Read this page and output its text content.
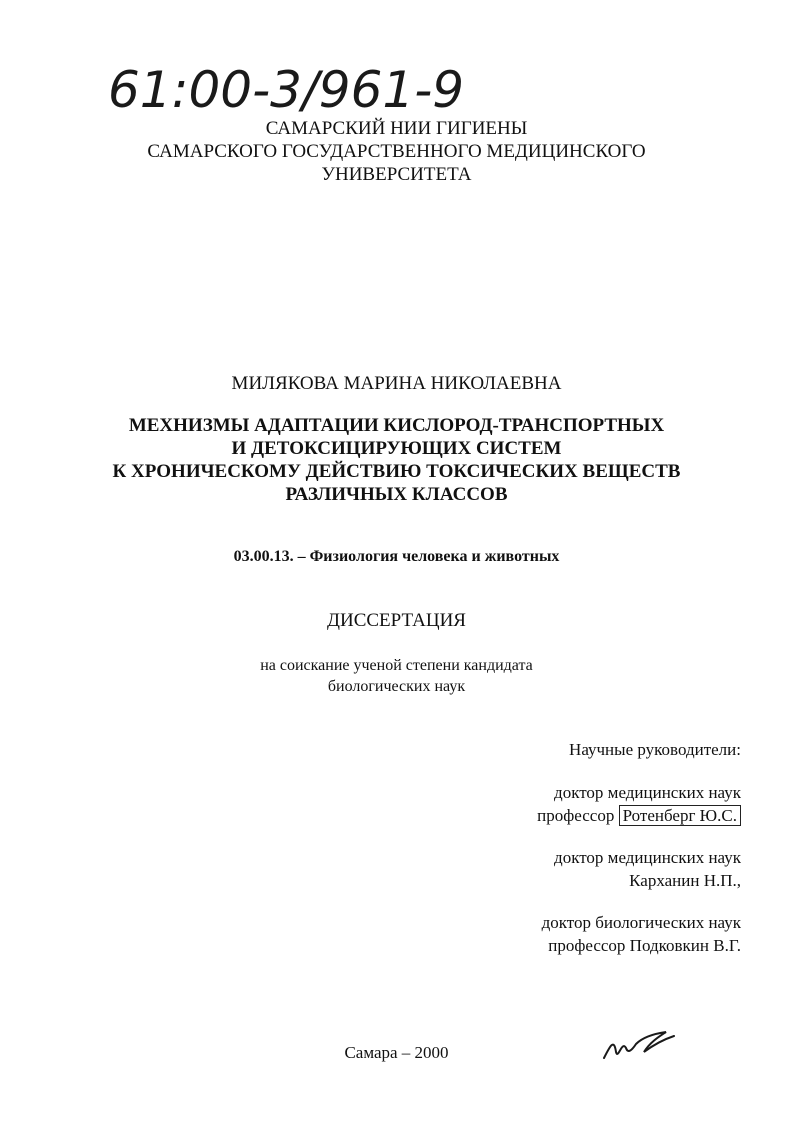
61:00-3/961-9
САМАРСКИЙ НИИ ГИГИЕНЫ
САМАРСКОГО ГОСУДАРСТВЕННОГО МЕДИЦИНСКОГО
УНИВЕРСИТЕТА
МИЛЯКОВА МАРИНА НИКОЛАЕВНА
МЕХНИЗМЫ АДАПТАЦИИ КИСЛОРОД-ТРАНСПОРТНЫХ
И ДЕТОКСИЦИРУЮЩИХ СИСТЕМ
К ХРОНИЧЕСКОМУ ДЕЙСТВИЮ ТОКСИЧЕСКИХ ВЕЩЕСТВ
РАЗЛИЧНЫХ КЛАССОВ
03.00.13. – Физиология человека и животных
ДИССЕРТАЦИЯ
на соискание ученой степени кандидата
биологических наук
Научные руководители:
доктор медицинских наук
профессор Ротенберг Ю.С.
доктор медицинских наук
Карханин Н.П.,
доктор биологических наук
профессор Подковкин В.Г.
Самара – 2000
